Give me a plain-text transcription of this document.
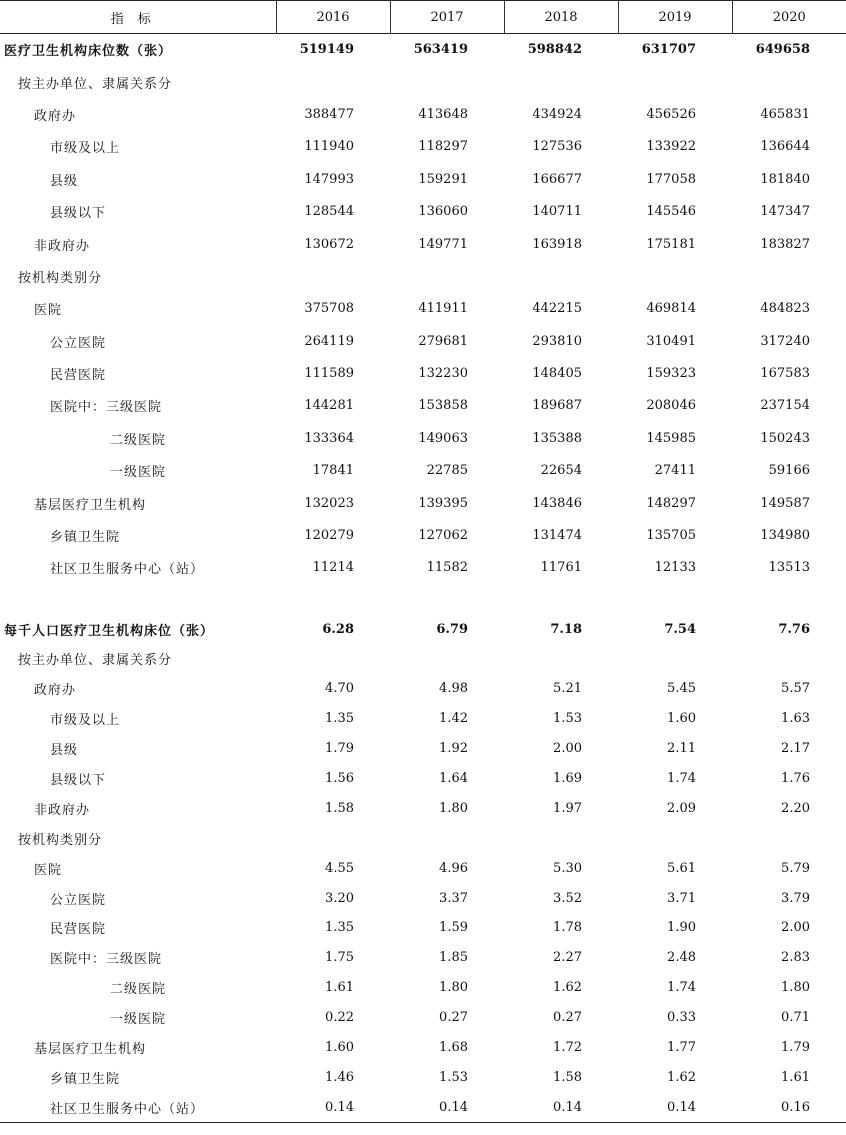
指标	2016	2017	2018	2019	2020
医疗卫生机构床位数（张）	519149	563419	598842	631707	649658
按主办单位、隶属关系分					
政府办	388477	413648	434924	456526	465831
市级及以上	111940	118297	127536	133922	136644
县级	147993	159291	166677	177058	181840
县级以下	128544	136060	140711	145546	147347
非政府办	130672	149771	163918	175181	183827
按机构类别分					
医院	375708	411911	442215	469814	484823
公立医院	264119	279681	293810	310491	317240
民营医院	111589	132230	148405	159323	167583
医院中：三级医院	144281	153858	189687	208046	237154
二级医院	133364	149063	135388	145985	150243
一级医院	17841	22785	22654	27411	59166
基层医疗卫生机构	132023	139395	143846	148297	149587
乡镇卫生院	120279	127062	131474	135705	134980
社区卫生服务中心（站）	11214	11582	11761	12133	13513

每千人口医疗卫生机构床位（张）	6.28	6.79	7.18	7.54	7.76
按主办单位、隶属关系分					
政府办	4.70	4.98	5.21	5.45	5.57
市级及以上	1.35	1.42	1.53	1.60	1.63
县级	1.79	1.92	2.00	2.11	2.17
县级以下	1.56	1.64	1.69	1.74	1.76
非政府办	1.58	1.80	1.97	2.09	2.20
按机构类别分					
医院	4.55	4.96	5.30	5.61	5.79
公立医院	3.20	3.37	3.52	3.71	3.79
民营医院	1.35	1.59	1.78	1.90	2.00
医院中：三级医院	1.75	1.85	2.27	2.48	2.83
二级医院	1.61	1.80	1.62	1.74	1.80
一级医院	0.22	0.27	0.27	0.33	0.71
基层医疗卫生机构	1.60	1.68	1.72	1.77	1.79
乡镇卫生院	1.46	1.53	1.58	1.62	1.61
社区卫生服务中心（站）	0.14	0.14	0.14	0.14	0.16
